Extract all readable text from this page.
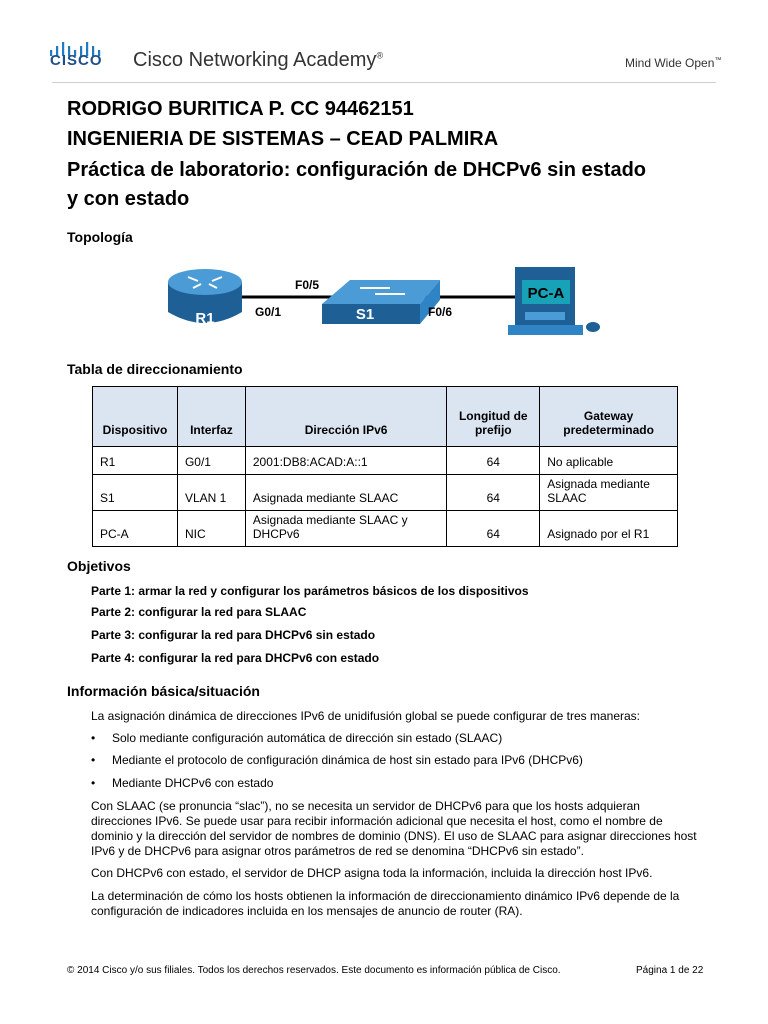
CISCO Cisco Networking Academy®
Mind Wide Open™
RODRIGO BURITICA P. CC 94462151
INGENIERIA DE SISTEMAS – CEAD PALMIRA
Práctica de laboratorio: configuración de DHCPv6 sin estado
y con estado
Topología
R1	S1
PC-A
G0/1
F0/5
F0/6
Tabla de direccionamiento
Dispositivo	Interfaz	Dirección IPv6	Longitud de prefijo	Gateway predeterminado
R1	G0/1	2001:DB8:ACAD:A::1	64	No aplicable
S1	VLAN 1	Asignada mediante SLAAC	64	Asignada mediante SLAAC
PC-A	NIC	Asignada mediante SLAAC y DHCPv6	64	Asignado por el R1
Objetivos
Parte 1: armar la red y configurar los parámetros básicos de los dispositivos
Parte 2: configurar la red para SLAAC
Parte 3: configurar la red para DHCPv6 sin estado
Parte 4: configurar la red para DHCPv6 con estado
Información básica/situación
La asignación dinámica de direcciones IPv6 de unidifusión global se puede configurar de tres maneras:
• Solo mediante configuración automática de dirección sin estado (SLAAC)
• Mediante el protocolo de configuración dinámica de host sin estado para IPv6 (DHCPv6)
• Mediante DHCPv6 con estado
Con SLAAC (se pronuncia “slac”), no se necesita un servidor de DHCPv6 para que los hosts adquieran direcciones IPv6. Se puede usar para recibir información adicional que necesita el host, como el nombre de dominio y la dirección del servidor de nombres de dominio (DNS). El uso de SLAAC para asignar direcciones host IPv6 y de DHCPv6 para asignar otros parámetros de red se denomina “DHCPv6 sin estado”.
Con DHCPv6 con estado, el servidor de DHCP asigna toda la información, incluida la dirección host IPv6.
La determinación de cómo los hosts obtienen la información de direccionamiento dinámico IPv6 depende de la configuración de indicadores incluida en los mensajes de anuncio de router (RA).
© 2014 Cisco y/o sus filiales. Todos los derechos reservados. Este documento es información pública de Cisco.	Página 1 de 22
